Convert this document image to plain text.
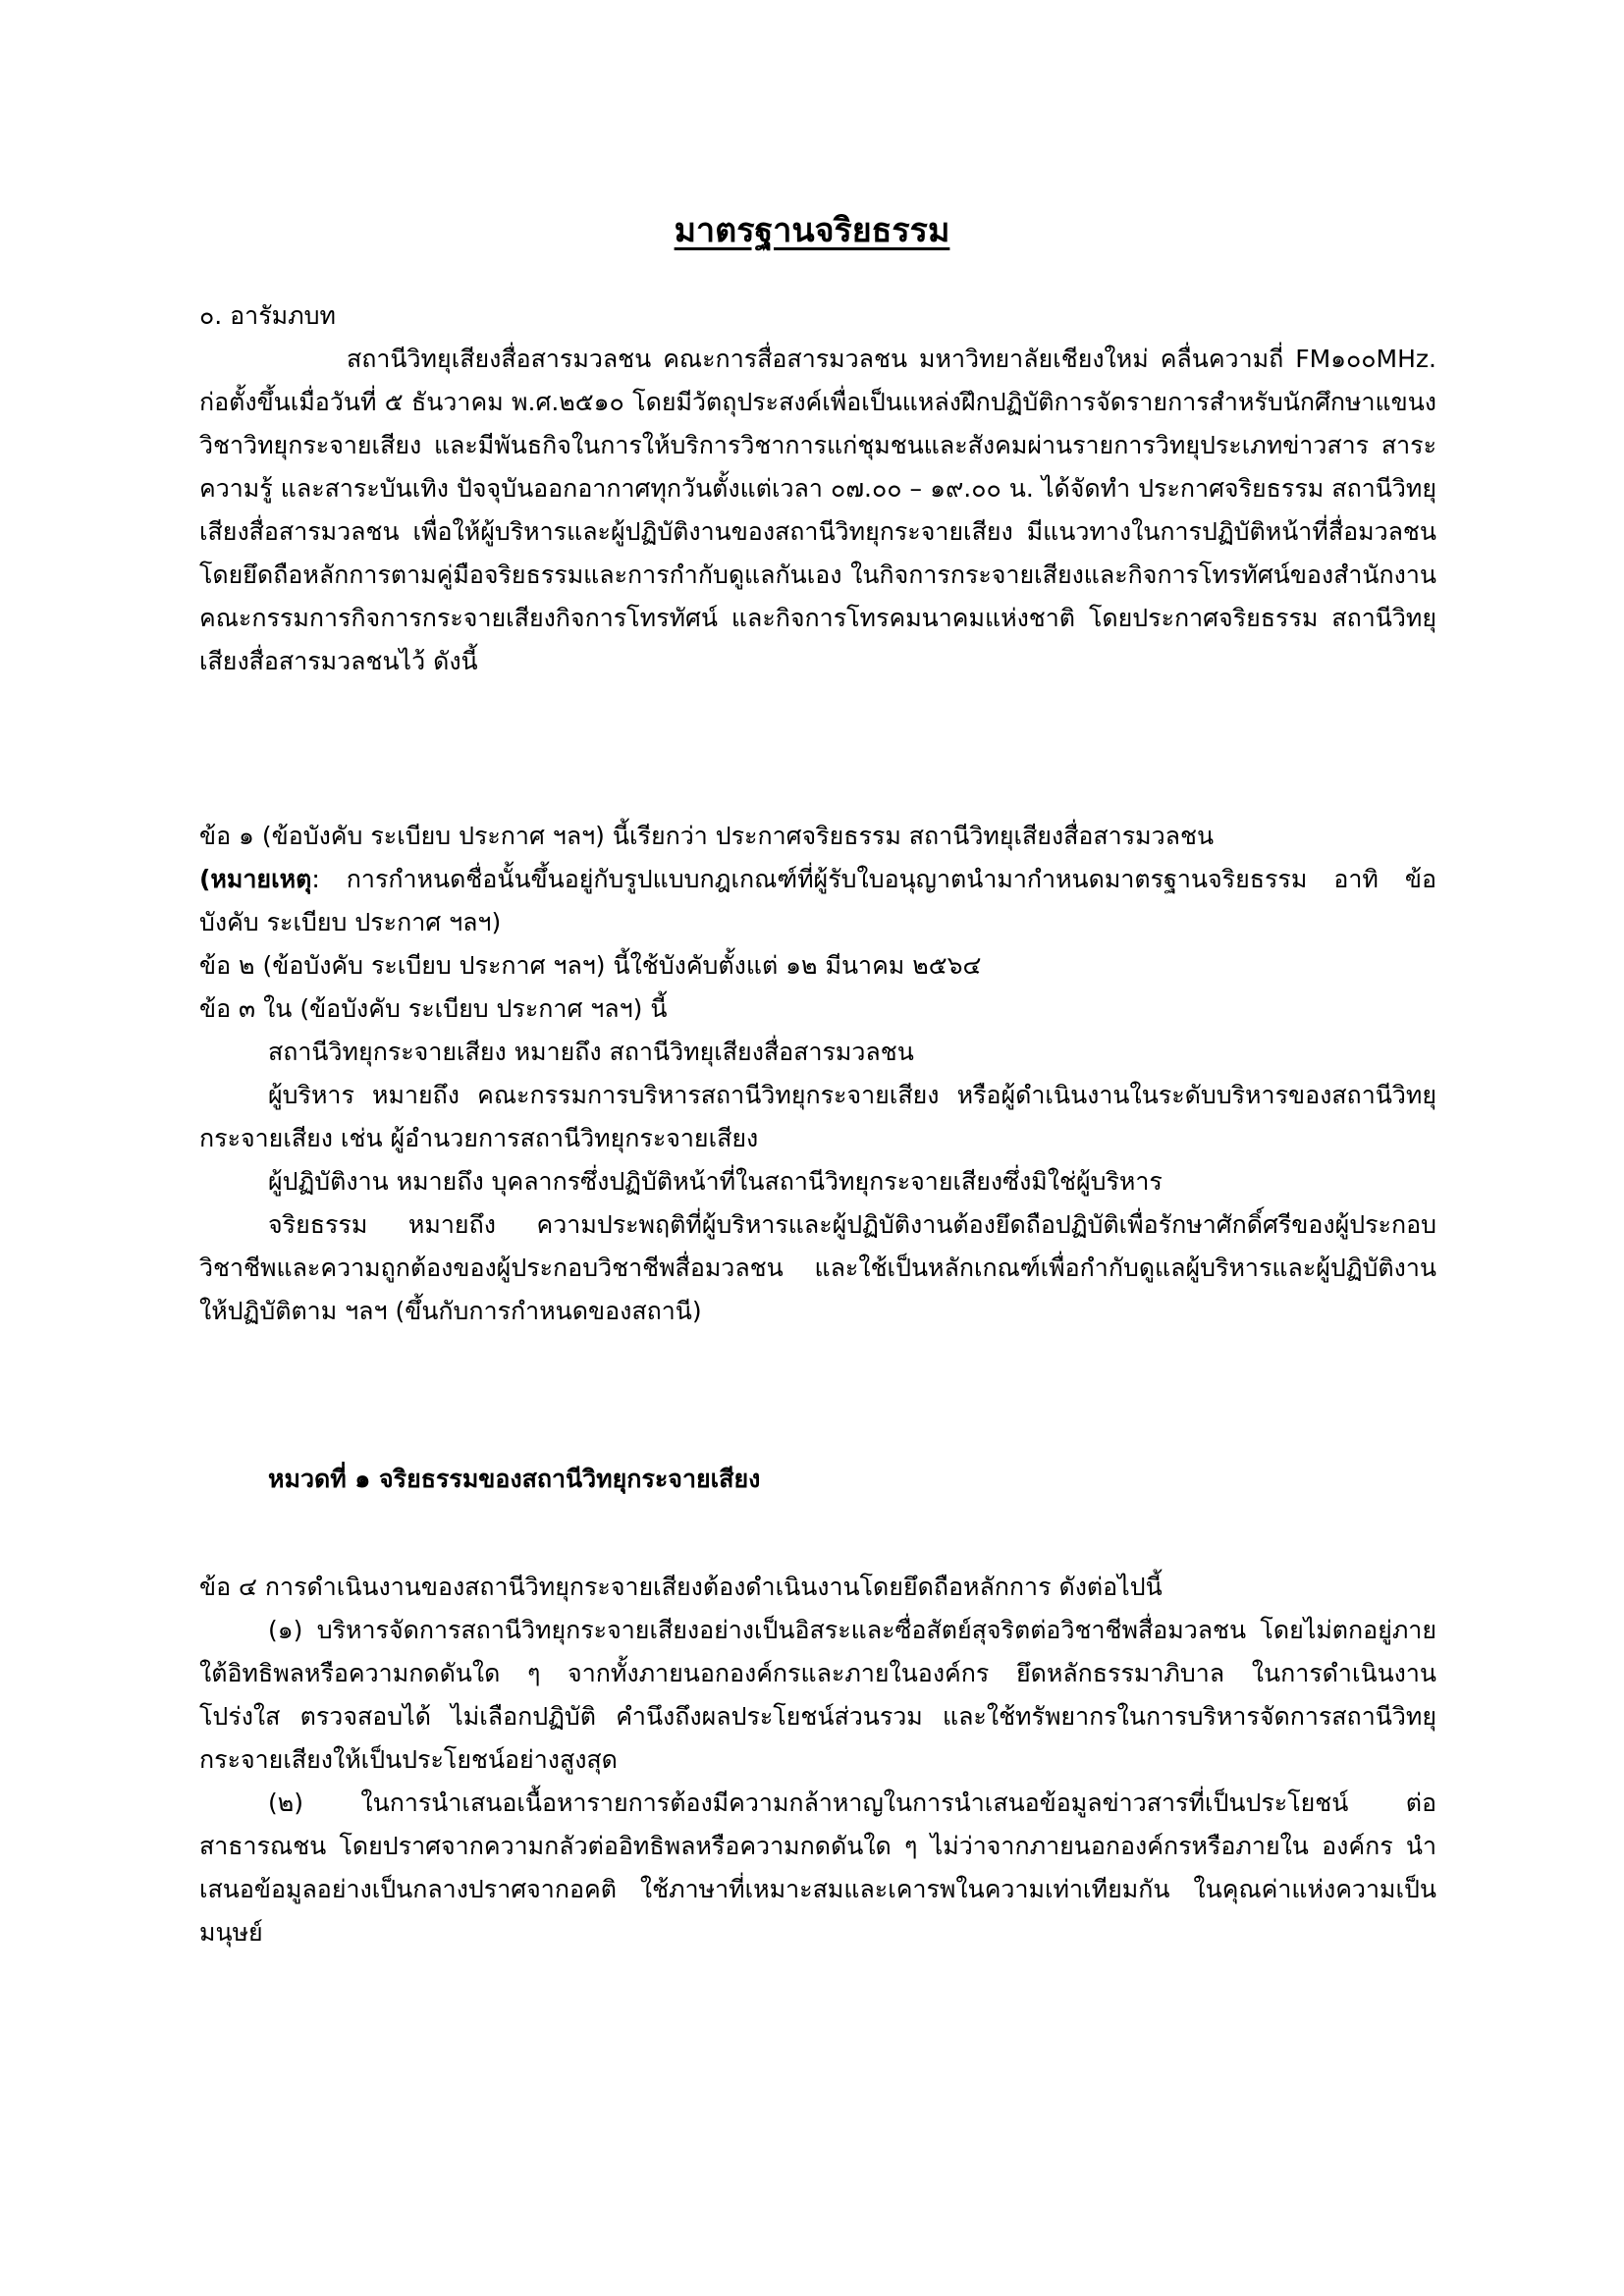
มาตรฐานจริยธรรม

๐. อารัมภบท

สถานีวิทยุเสียงสื่อสารมวลชน คณะการสื่อสารมวลชน มหาวิทยาลัยเชียงใหม่ คลื่นความถี่ FM๑๐๐MHz. ก่อตั้งขึ้นเมื่อวันที่ ๕ ธันวาคม พ.ศ.๒๕๑๐ โดยมีวัตถุประสงค์เพื่อเป็นแหล่งฝึกปฏิบัติการจัดรายการสำหรับนักศึกษาแขนงวิชาวิทยุกระจายเสียง และมีพันธกิจในการให้บริการวิชาการแก่ชุมชนและสังคมผ่านรายการวิทยุประเภทข่าวสาร สาระความรู้ และสาระบันเทิง ปัจจุบันออกอากาศทุกวันตั้งแต่เวลา ๐๗.๐๐ – ๑๙.๐๐ น. ได้จัดทำ ประกาศจริยธรรม สถานีวิทยุเสียงสื่อสารมวลชน เพื่อให้ผู้บริหารและผู้ปฏิบัติงานของสถานีวิทยุกระจายเสียง มีแนวทางในการปฏิบัติหน้าที่สื่อมวลชน โดยยึดถือหลักการตามคู่มือจริยธรรมและการกำกับดูแลกันเอง ในกิจการกระจายเสียงและกิจการโทรทัศน์ของสำนักงานคณะกรรมการกิจการกระจายเสียงกิจการโทรทัศน์ และกิจการโทรคมนาคมแห่งชาติ โดยประกาศจริยธรรม สถานีวิทยุเสียงสื่อสารมวลชนไว้ ดังนี้

ข้อ ๑ (ข้อบังคับ ระเบียบ ประกาศ ฯลฯ) นี้เรียกว่า ประกาศจริยธรรม สถานีวิทยุเสียงสื่อสารมวลชน

(หมายเหตุ: การกำหนดชื่อนั้นขึ้นอยู่กับรูปแบบกฎเกณฑ์ที่ผู้รับใบอนุญาตนำมากำหนดมาตรฐานจริยธรรม อาทิ ข้อบังคับ ระเบียบ ประกาศ ฯลฯ)

ข้อ ๒ (ข้อบังคับ ระเบียบ ประกาศ ฯลฯ) นี้ใช้บังคับตั้งแต่ ๑๒ มีนาคม ๒๕๖๔

ข้อ ๓ ใน (ข้อบังคับ ระเบียบ ประกาศ ฯลฯ) นี้

สถานีวิทยุกระจายเสียง หมายถึง สถานีวิทยุเสียงสื่อสารมวลชน

ผู้บริหาร หมายถึง คณะกรรมการบริหารสถานีวิทยุกระจายเสียง หรือผู้ดำเนินงานในระดับบริหารของสถานีวิทยุกระจายเสียง เช่น ผู้อำนวยการสถานีวิทยุกระจายเสียง

ผู้ปฏิบัติงาน หมายถึง บุคลากรซึ่งปฏิบัติหน้าที่ในสถานีวิทยุกระจายเสียงซึ่งมิใช่ผู้บริหาร

จริยธรรม หมายถึง ความประพฤติที่ผู้บริหารและผู้ปฏิบัติงานต้องยึดถือปฏิบัติเพื่อรักษาศักดิ์ศรีของผู้ประกอบวิชาชีพและความถูกต้องของผู้ประกอบวิชาชีพสื่อมวลชน และใช้เป็นหลักเกณฑ์เพื่อกำกับดูแลผู้บริหารและผู้ปฏิบัติงานให้ปฏิบัติตาม ฯลฯ (ขึ้นกับการกำหนดของสถานี)

หมวดที่ ๑ จริยธรรมของสถานีวิทยุกระจายเสียง

ข้อ ๔ การดำเนินงานของสถานีวิทยุกระจายเสียงต้องดำเนินงานโดยยึดถือหลักการ ดังต่อไปนี้

(๑) บริหารจัดการสถานีวิทยุกระจายเสียงอย่างเป็นอิสระและซื่อสัตย์สุจริตต่อวิชาชีพสื่อมวลชน โดยไม่ตกอยู่ภายใต้อิทธิพลหรือความกดดันใด ๆ จากทั้งภายนอกองค์กรและภายในองค์กร ยึดหลักธรรมาภิบาล ในการดำเนินงาน โปร่งใส ตรวจสอบได้ ไม่เลือกปฏิบัติ คำนึงถึงผลประโยชน์ส่วนรวม และใช้ทรัพยากรในการบริหารจัดการสถานีวิทยุกระจายเสียงให้เป็นประโยชน์อย่างสูงสุด

(๒) ในการนำเสนอเนื้อหารายการต้องมีความกล้าหาญในการนำเสนอข้อมูลข่าวสารที่เป็นประโยชน์ ต่อสาธารณชน โดยปราศจากความกลัวต่ออิทธิพลหรือความกดดันใด ๆ ไม่ว่าจากภายนอกองค์กรหรือภายใน องค์กร นำเสนอข้อมูลอย่างเป็นกลางปราศจากอคติ ใช้ภาษาที่เหมาะสมและเคารพในความเท่าเทียมกัน ในคุณค่าแห่งความเป็นมนุษย์
